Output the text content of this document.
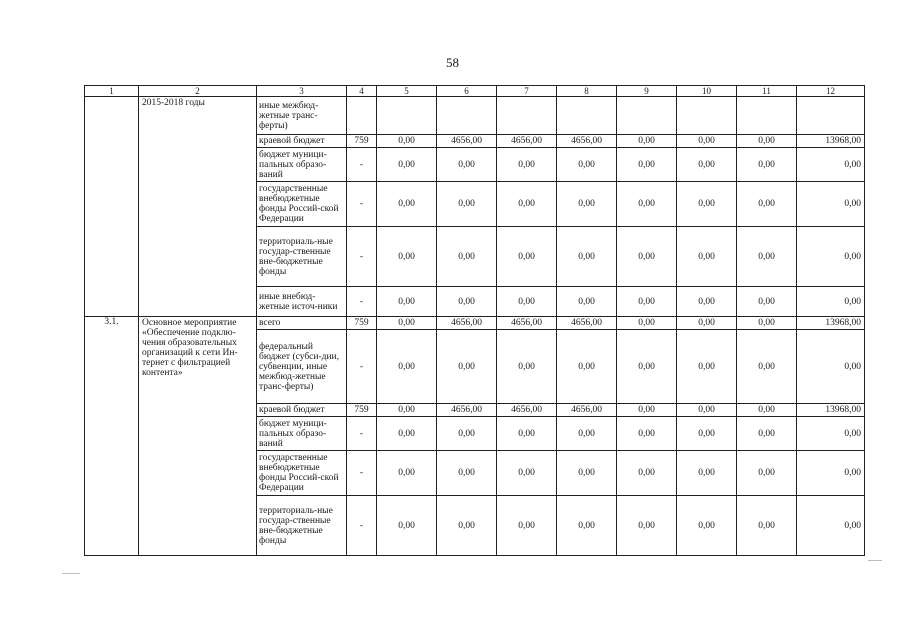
58
1	2	3	4	5	6	7	8	9	10	11	12
	2015-2018 годы	иные межбюд-жетные транс-ферты)									
		краевой бюджет	759	0,00	4656,00	4656,00	4656,00	0,00	0,00	0,00	13968,00
		бюджет муници-пальных образо-ваний	-	0,00	0,00	0,00	0,00	0,00	0,00	0,00	0,00
		государственные внебюджетные фонды Россий-ской Федерации	-	0,00	0,00	0,00	0,00	0,00	0,00	0,00	0,00
		территориаль-ные государ-ственные вне-бюджетные фонды	-	0,00	0,00	0,00	0,00	0,00	0,00	0,00	0,00
		иные внебюд-жетные источ-ники	-	0,00	0,00	0,00	0,00	0,00	0,00	0,00	0,00
3.1.	Основное мероприятие «Обеспечение подклю-чения образовательных организаций к сети Ин-тернет с фильтрацией контента»	всего	759	0,00	4656,00	4656,00	4656,00	0,00	0,00	0,00	13968,00
		федеральный бюджет (субси-дии, субвенции, иные межбюд-жетные транс-ферты)	-	0,00	0,00	0,00	0,00	0,00	0,00	0,00	0,00
		краевой бюджет	759	0,00	4656,00	4656,00	4656,00	0,00	0,00	0,00	13968,00
		бюджет муници-пальных образо-ваний	-	0,00	0,00	0,00	0,00	0,00	0,00	0,00	0,00
		государственные внебюджетные фонды Россий-ской Федерации	-	0,00	0,00	0,00	0,00	0,00	0,00	0,00	0,00
		территориаль-ные государ-ственные вне-бюджетные фонды	-	0,00	0,00	0,00	0,00	0,00	0,00	0,00	0,00
